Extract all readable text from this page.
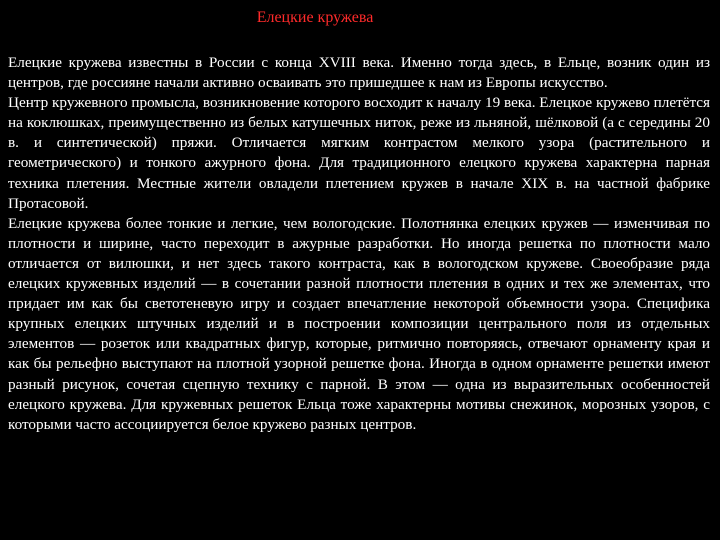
Елецкие кружева

Елецкие кружева известны в России с конца XVIII века. Именно тогда здесь, в Ельце, возник один из центров, где россияне начали активно осваивать это пришедшее к нам из Европы искусство.

Центр кружевного промысла, возникновение которого восходит к началу 19 века. Елецкое кружево плетётся на коклюшках, преимущественно из белых катушечных ниток, реже из льняной, шёлковой (а с середины 20 в. и синтетической) пряжи. Отличается мягким контрастом мелкого узора (растительного и геометрического) и тонкого ажурного фона. Для традиционного елецкого кружева характерна парная техника плетения. Местные жители овладели плетением кружев в начале XIX в. на частной фабрике Протасовой.

Елецкие кружева более тонкие и легкие, чем вологодские. Полотнянка елецких кружев — изменчивая по плотности и ширине, часто переходит в ажурные разработки. Но иногда решетка по плотности мало отличается от вилюшки, и нет здесь такого контраста, как в вологодском кружеве. Своеобразие ряда елецких кружевных изделий — в сочетании разной плотности плетения в одних и тех же элементах, что придает им как бы светотеневую игру и создает впечатление некоторой объемности узора. Специфика крупных елецких штучных изделий и в построении композиции центрального поля из отдельных элементов — розеток или квадратных фигур, которые, ритмично повторяясь, отвечают орнаменту края и как бы рельефно выступают на плотной узорной решетке фона. Иногда в одном орнаменте решетки имеют разный рисунок, сочетая сцепную технику с парной. В этом — одна из выразительных особенностей елецкого кружева. Для кружевных решеток Ельца тоже характерны мотивы снежинок, морозных узоров, с которыми часто ассоциируется белое кружево разных центров.
